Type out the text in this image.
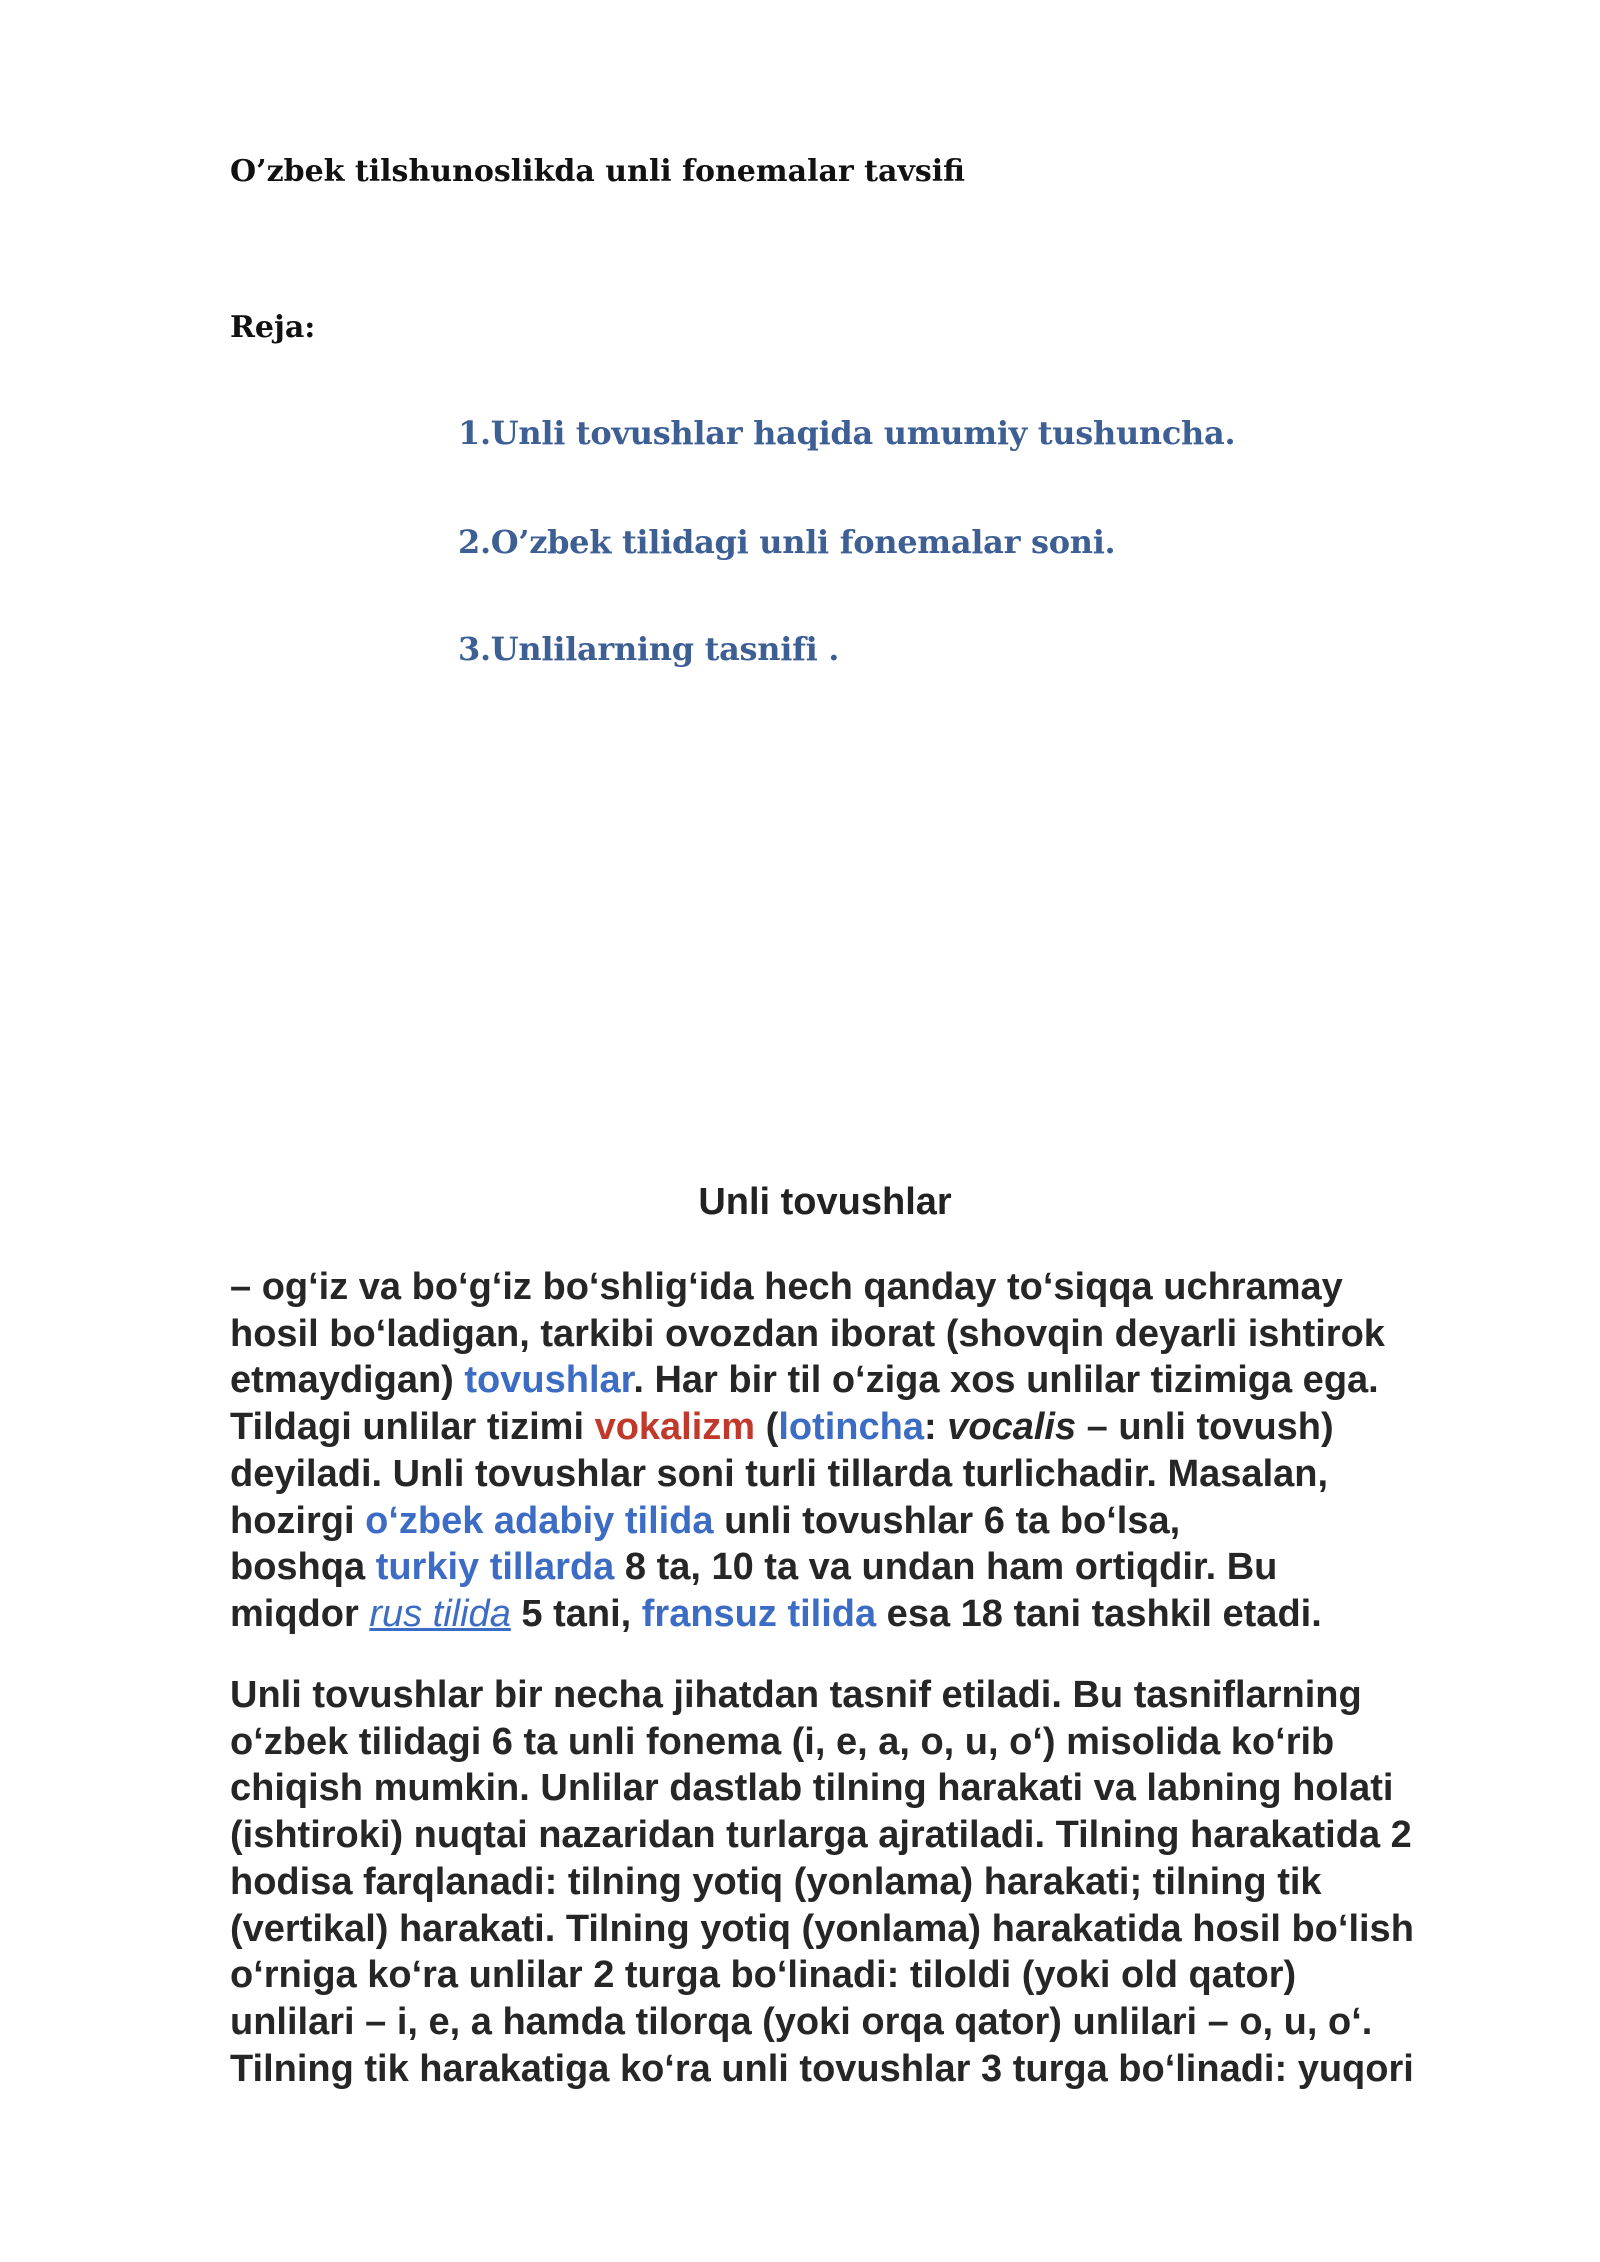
O’zbek tilshunoslikda unli fonemalar tavsifi
Reja:
1.Unli tovushlar haqida umumiy tushuncha.
2.O’zbek tilidagi unli fonemalar soni.
3.Unlilarning tasnifi .
Unli tovushlar

– ogʻiz va boʻgʻiz boʻshligʻida hech qanday toʻsiqqa uchramay
hosil boʻladigan, tarkibi ovozdan iborat (shovqin deyarli ishtirok
etmaydigan) tovushlar. Har bir til oʻziga xos unlilar tizimiga ega.
Tildagi unlilar tizimi vokalizm (lotincha: vocalis – unli tovush)
deyiladi. Unli tovushlar soni turli tillarda turlichadir. Masalan,
hozirgi oʻzbek adabiy tilida unli tovushlar 6 ta boʻlsa,
boshqa turkiy tillarda 8 ta, 10 ta va undan ham ortiqdir. Bu
miqdor rus tilida 5 tani, fransuz tilida esa 18 tani tashkil etadi.

Unli tovushlar bir necha jihatdan tasnif etiladi. Bu tasniflarning
oʻzbek tilidagi 6 ta unli fonema (i, e, a, o, u, oʻ) misolida koʻrib
chiqish mumkin. Unlilar dastlab tilning harakati va labning holati
(ishtiroki) nuqtai nazaridan turlarga ajratiladi. Tilning harakatida 2
hodisa farqlanadi: tilning yotiq (yonlama) harakati; tilning tik
(vertikal) harakati. Tilning yotiq (yonlama) harakatida hosil boʻlish
oʻrniga koʻra unlilar 2 turga boʻlinadi: tiloldi (yoki old qator)
unlilari – i, e, a hamda tilorqa (yoki orqa qator) unlilari – o, u, oʻ.
Tilning tik harakatiga koʻra unli tovushlar 3 turga boʻlinadi: yuqori
